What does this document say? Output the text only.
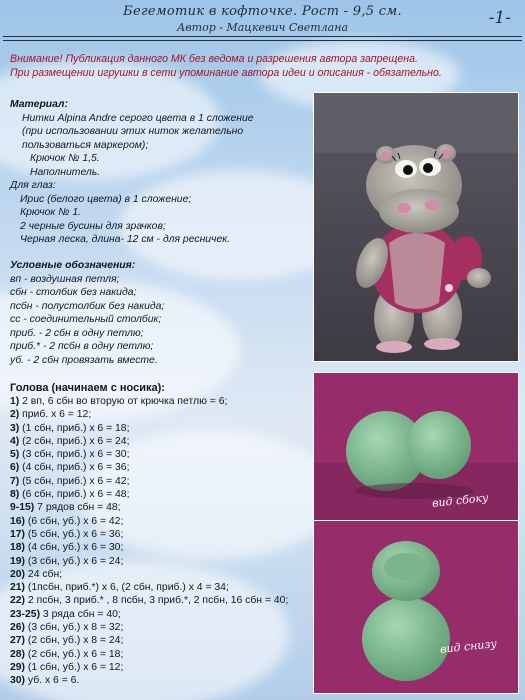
Бегемотик в кофточке. Рост - 9,5 см.
Автор - Мацкевич Светлана	-1-
Внимание! Публикация данного МК без ведома и разрешения автора запрещена.
При размещении игрушки в сети упоминание автора идеи и описания - обязательно.
Материал:
Нитки Alpina Andre серого цвета в 1 сложение
(при использовании этих ниток желательно
пользоваться маркером);
Крючок № 1,5.
Наполнитель.
Для глаз:
Ирис (белого цвета) в 1 сложение;
Крючок № 1.
2 черные бусины для зрачков;
Черная леска, длина- 12 см - для ресничек.
Условные обозначения:
вп - воздушная петля;
сбн - столбик без накида;
псбн - полустолбик без накида;
сс - соединительный столбик;
приб. - 2 сбн в одну петлю;
приб.* - 2 псбн в одну петлю;
уб. - 2 сбн провязать вместе.
Голова (начинаем с носика):
1) 2 вп, 6 сбн во вторую от крючка петлю = 6;
2) приб. х 6 = 12;
3) (1 сбн, приб.) х 6 = 18;
4) (2 сбн, приб.) х 6 = 24;
5) (3 сбн, приб.) х 6 = 30;
6) (4 сбн, приб.) х 6 = 36;
7) (5 сбн, приб.) х 6 = 42;
8) (6 сбн, приб.) х 6 = 48;
9-15) 7 рядов сбн = 48;
16) (6 сбн, уб.) х 6 = 42;
17) (5 сбн, уб.) х 6 = 36;
18) (4 сбн, уб.) х 6 = 30;
19) (3 сбн, уб.) х 6 = 24;
20) 24 сбн;
21) (1псбн, приб.*) х 6, (2 сбн, приб.) х 4 = 34;
22) 2 псбн, 3 приб.* , 8 псбн, 3 приб.*, 2 псбн, 16 сбн = 40;
23-25) 3 ряда сбн = 40;
26) (3 сбн, уб.) х 8 = 32;
27) (2 сбн, уб.) х 8 = 24;
28) (2 сбн, уб.) х 6 = 18;
29) (1 сбн, уб.) х 6 = 12;
30) уб. х 6 = 6.
вид сбоку
вид снизу
